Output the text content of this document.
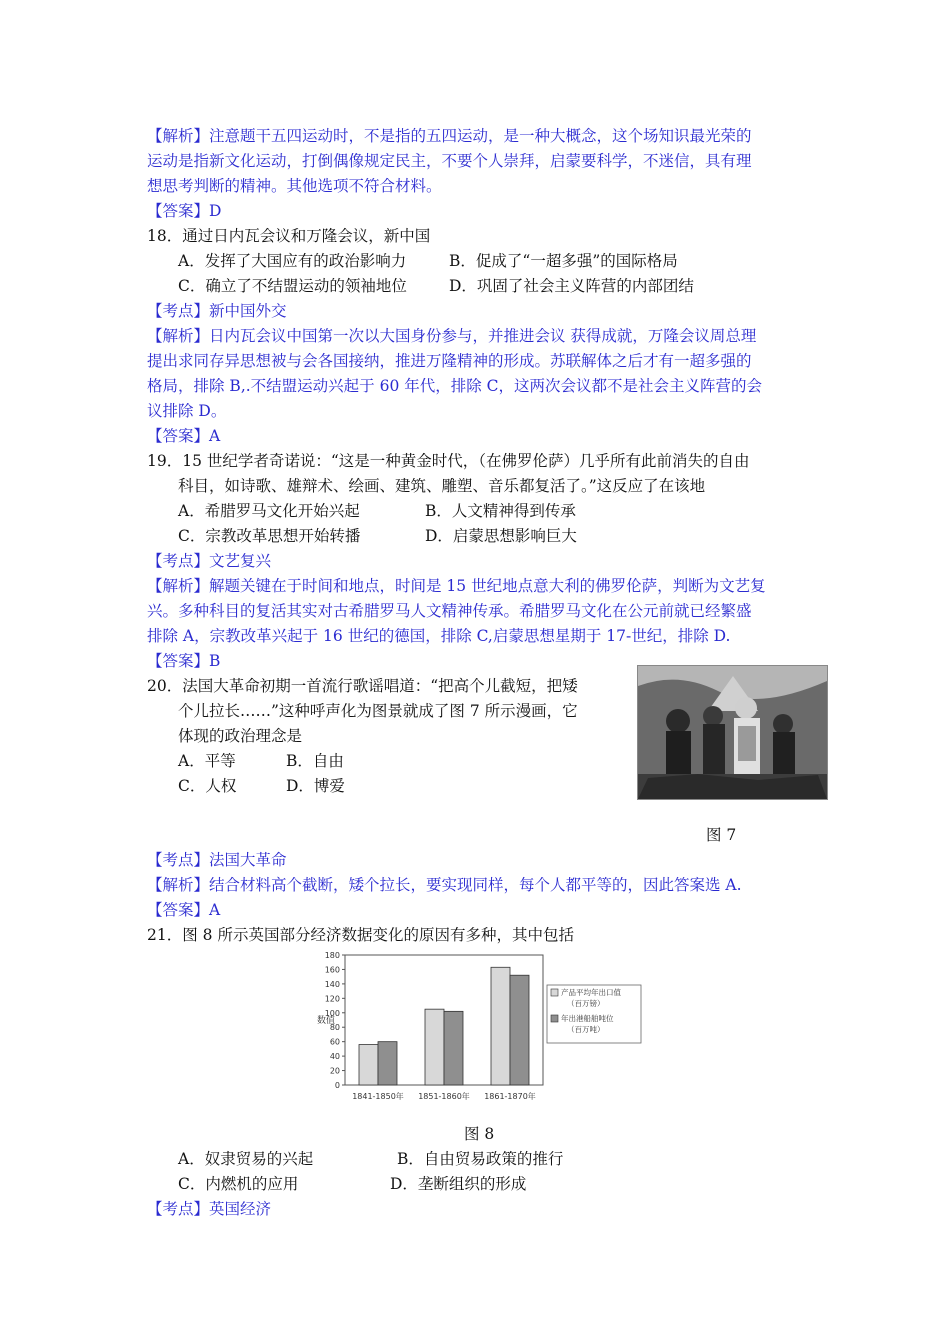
【解析】注意题干五四运动时，不是指的五四运动，是一种大概念，这个场知识最光荣的
运动是指新文化运动，打倒偶像规定民主，不要个人崇拜，启蒙要科学，不迷信，具有理
想思考判断的精神。其他选项不符合材料。
【答案】D
18．通过日内瓦会议和万隆会议，新中国
A．发挥了大国应有的政治影响力	B．促成了“一超多强”的国际格局
C．确立了不结盟运动的领袖地位	D．巩固了社会主义阵营的内部团结
【考点】新中国外交
【解析】日内瓦会议中国第一次以大国身份参与，并推进会议 获得成就，万隆会议周总理
提出求同存异思想被与会各国接纳，推进万隆精神的形成。苏联解体之后才有一超多强的
格局，排除 B,.不结盟运动兴起于 60 年代，排除 C，这两次会议都不是社会主义阵营的会
议排除 D。
【答案】A
19．15 世纪学者奇诺说：“这是一种黄金时代，（在佛罗伦萨）几乎所有此前消失的自由
科目，如诗歌、雄辩术、绘画、建筑、雕塑、音乐都复活了。”这反应了在该地
A．希腊罗马文化开始兴起	B．人文精神得到传承
C．宗教改革思想开始转播	D．启蒙思想影响巨大
【考点】文艺复兴
【解析】解题关键在于时间和地点，时间是 15 世纪地点意大利的佛罗伦萨，判断为文艺复
兴。多种科目的复活其实对古希腊罗马人文精神传承。希腊罗马文化在公元前就已经繁盛
排除 A，宗教改革兴起于 16 世纪的德国，排除 C,启蒙思想星期于 17-世纪，排除 D.
【答案】B
20．法国大革命初期一首流行歌谣唱道：“把高个儿截短，把矮
个儿拉长……”这种呼声化为图景就成了图 7 所示漫画，它
体现的政治理念是
A．平等	B．自由
C．人权	D．博爱
图 7
【考点】法国大革命
【解析】结合材料高个截断，矮个拉长，要实现同样，每个人都平等的，因此答案选 A.
【答案】A
21．图 8 所示英国部分经济数据变化的原因有多种，其中包括
0
20
40
60
80
100
120
140
160
180
数值
1841-1850年 1851-1860年 1861-1870年
产品平均年出口值
（百万镑）
年出港船舶吨位
（百万吨）
图 8
A．奴隶贸易的兴起	B．自由贸易政策的推行
C．内燃机的应用	D．垄断组织的形成
【考点】英国经济
